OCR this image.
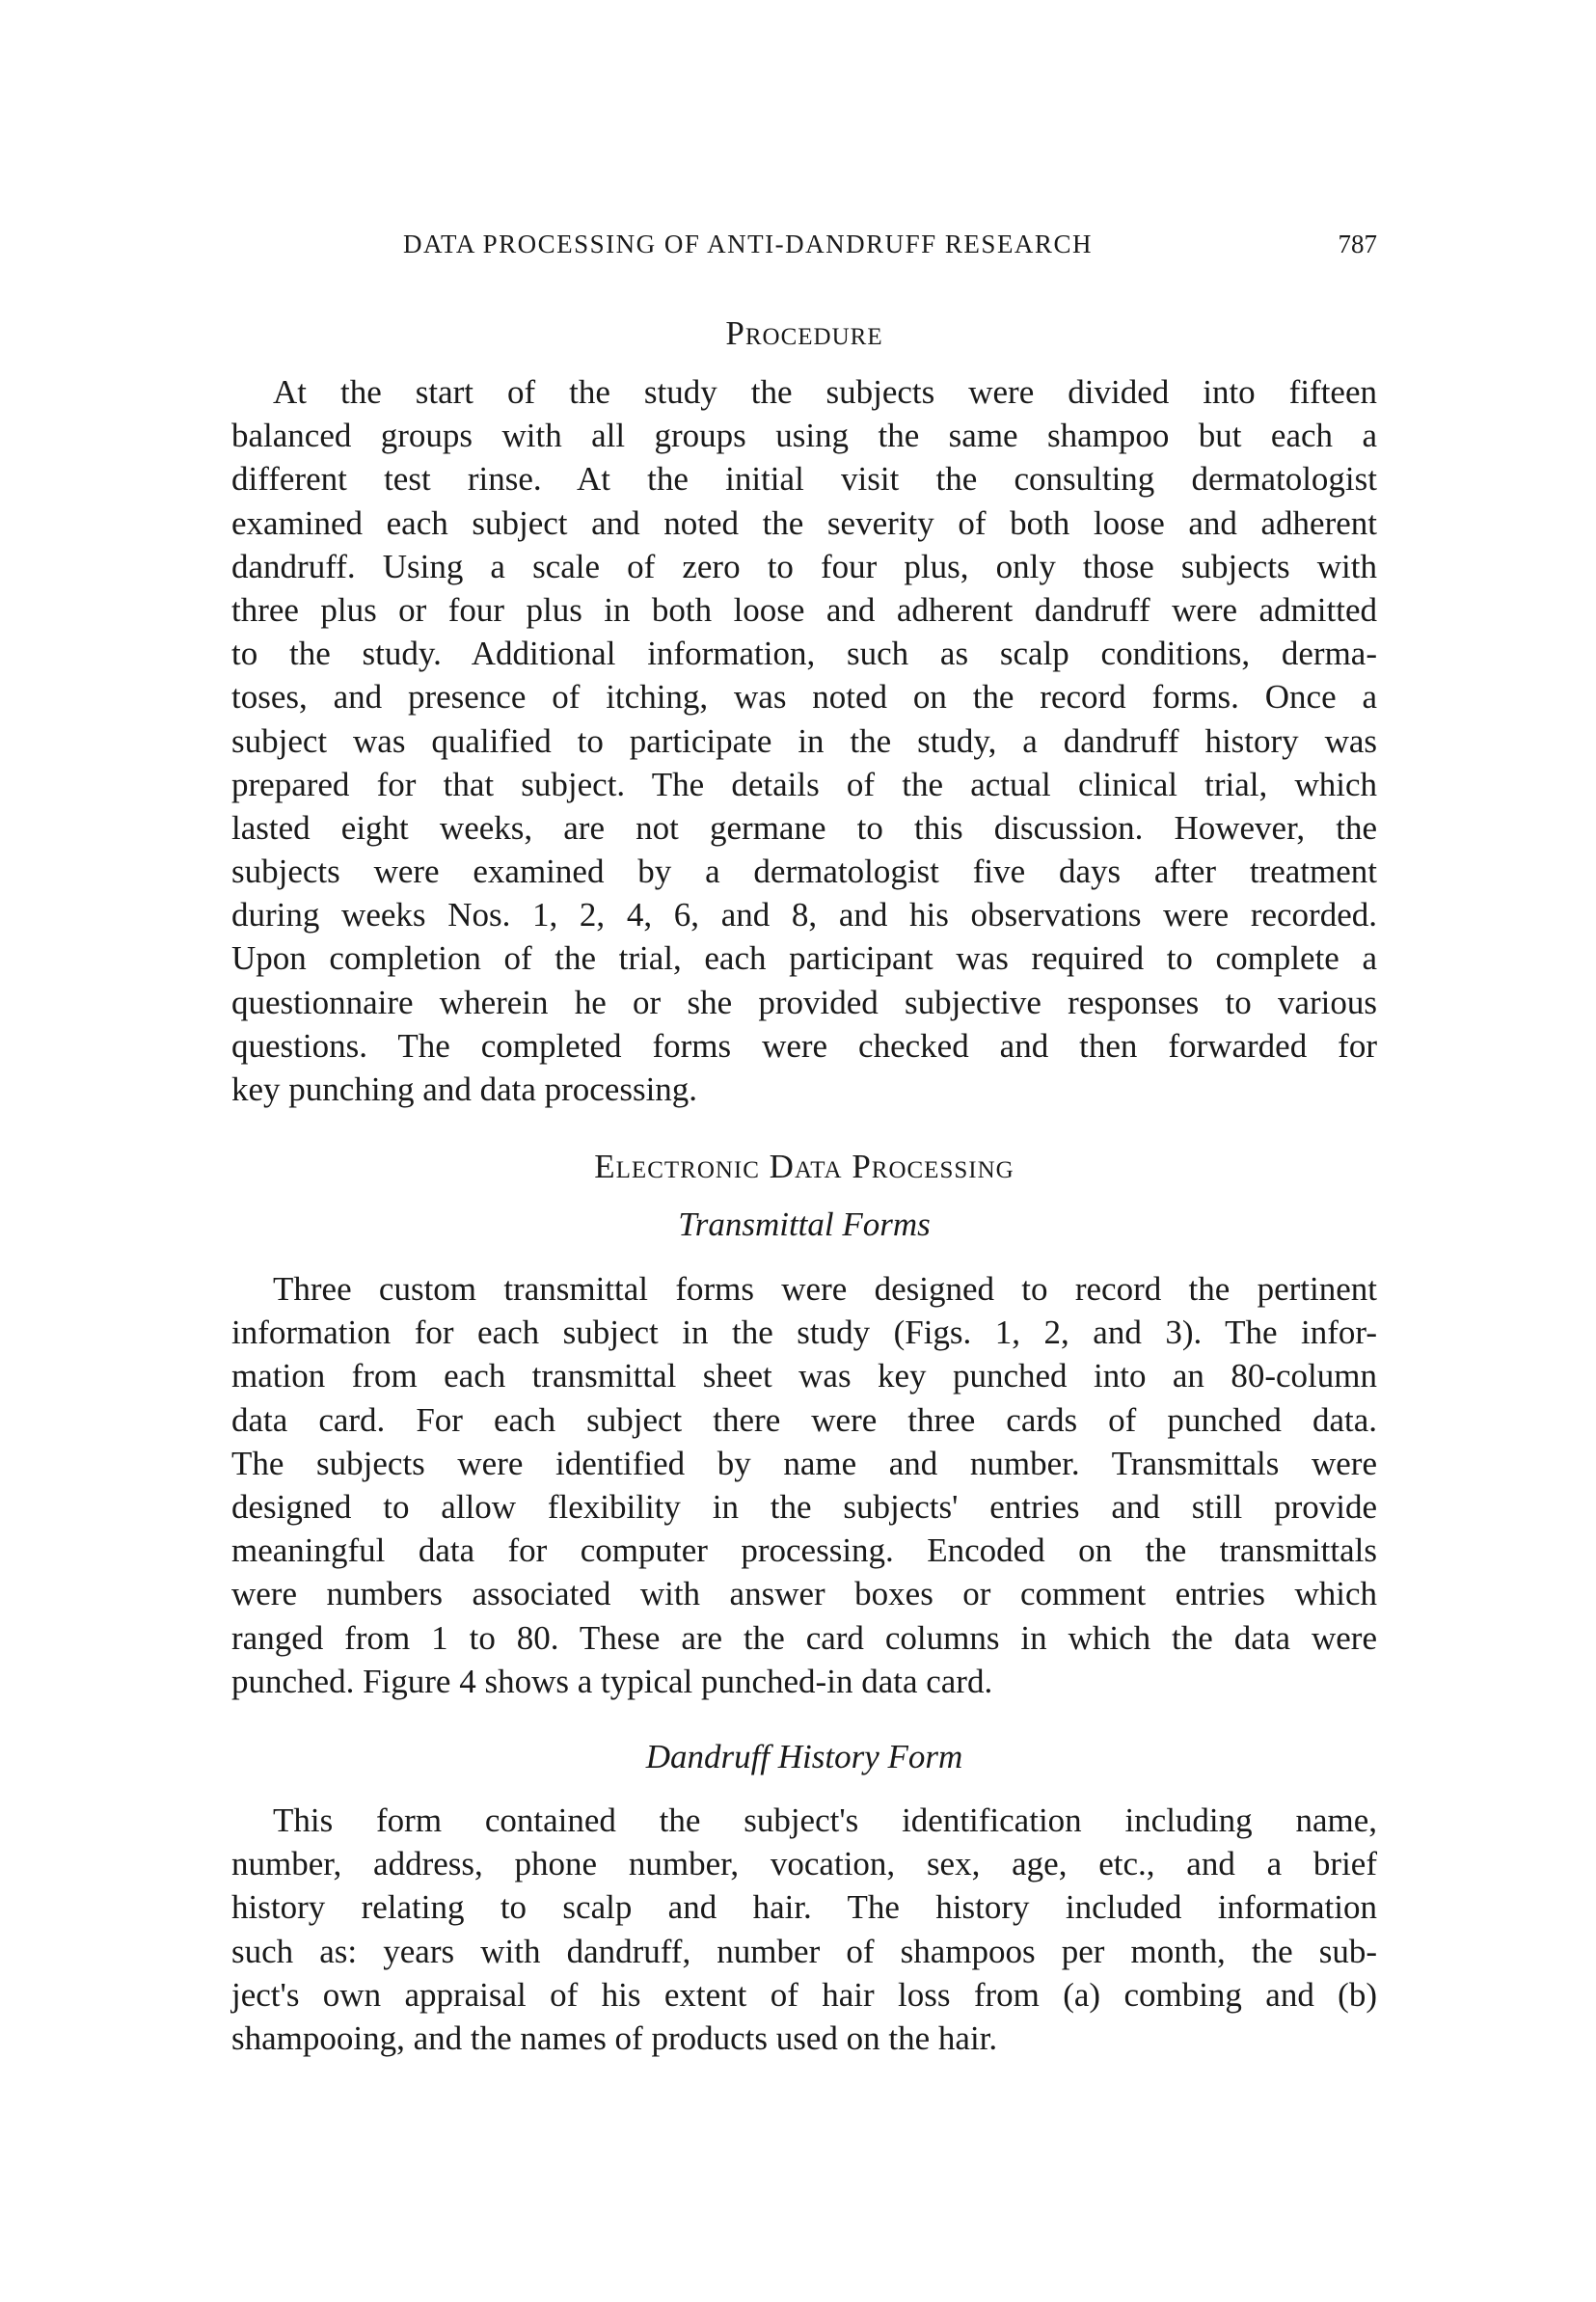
DATA PROCESSING OF ANTI-DANDRUFF RESEARCH	787
Procedure
At the start of the study the subjects were divided into fifteen
balanced groups with all groups using the same shampoo but each a
different test rinse. At the initial visit the consulting dermatologist
examined each subject and noted the severity of both loose and adherent
dandruff. Using a scale of zero to four plus, only those subjects with
three plus or four plus in both loose and adherent dandruff were admitted
to the study. Additional information, such as scalp conditions, derma-
toses, and presence of itching, was noted on the record forms. Once a
subject was qualified to participate in the study, a dandruff history was
prepared for that subject. The details of the actual clinical trial, which
lasted eight weeks, are not germane to this discussion. However, the
subjects were examined by a dermatologist five days after treatment
during weeks Nos. 1, 2, 4, 6, and 8, and his observations were recorded.
Upon completion of the trial, each participant was required to complete a
questionnaire wherein he or she provided subjective responses to various
questions. The completed forms were checked and then forwarded for
key punching and data processing.
Electronic Data Processing
Transmittal Forms
Three custom transmittal forms were designed to record the pertinent
information for each subject in the study (Figs. 1, 2, and 3). The infor-
mation from each transmittal sheet was key punched into an 80-column
data card. For each subject there were three cards of punched data.
The subjects were identified by name and number. Transmittals were
designed to allow flexibility in the subjects' entries and still provide
meaningful data for computer processing. Encoded on the transmittals
were numbers associated with answer boxes or comment entries which
ranged from 1 to 80. These are the card columns in which the data were
punched. Figure 4 shows a typical punched-in data card.
Dandruff History Form
This form contained the subject's identification including name,
number, address, phone number, vocation, sex, age, etc., and a brief
history relating to scalp and hair. The history included information
such as: years with dandruff, number of shampoos per month, the sub-
ject's own appraisal of his extent of hair loss from (a) combing and (b)
shampooing, and the names of products used on the hair.
